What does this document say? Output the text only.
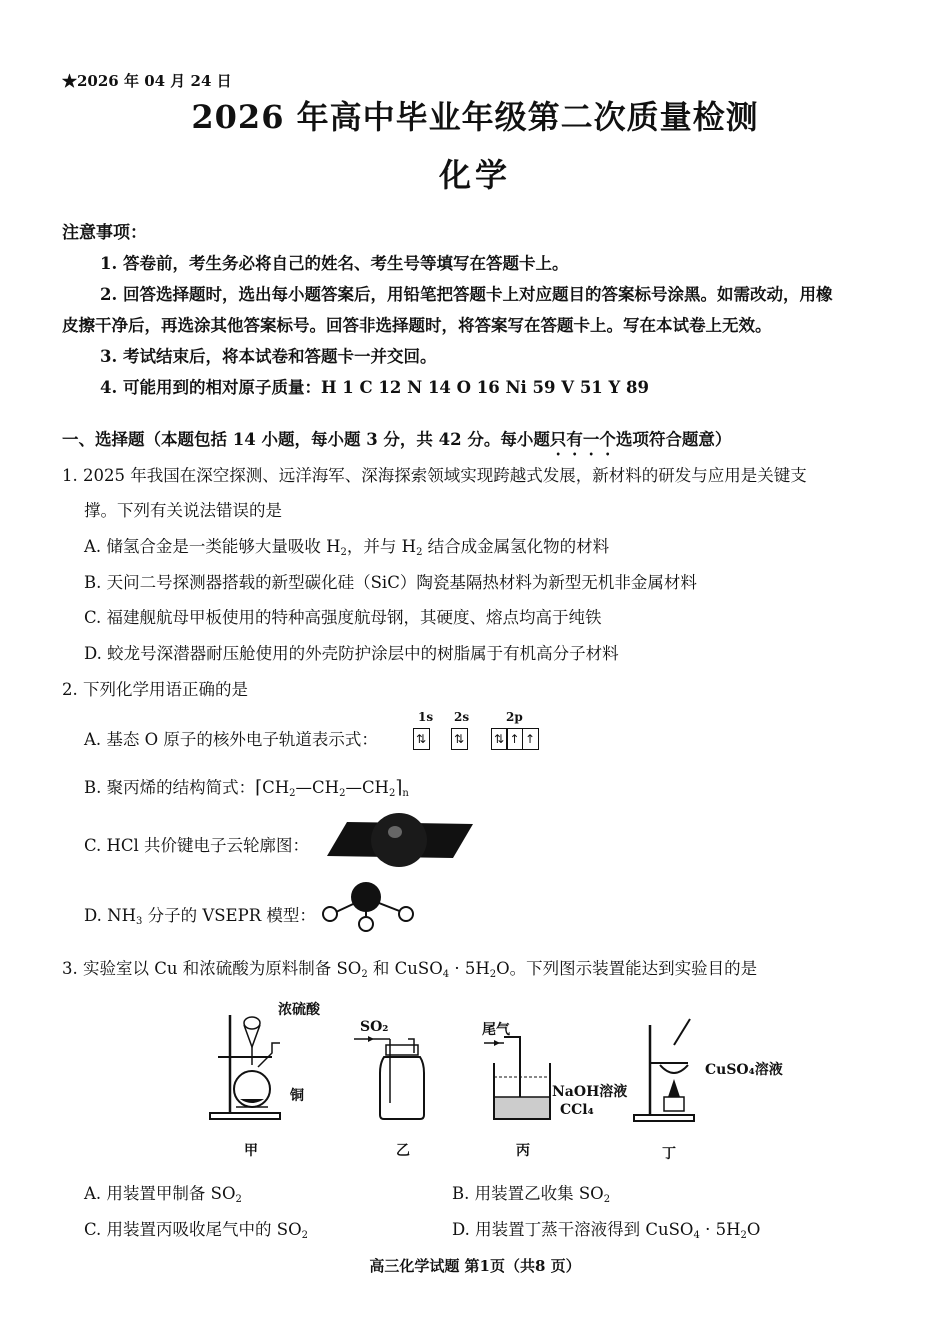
★2026 年 04 月 24 日
2026 年高中毕业年级第二次质量检测
化学
注意事项：
1. 答卷前，考生务必将自己的姓名、考生号等填写在答题卡上。
2. 回答选择题时，选出每小题答案后，用铅笔把答题卡上对应题目的答案标号涂黑。如需改动，用橡
皮擦干净后，再选涂其他答案标号。回答非选择题时，将答案写在答题卡上。写在本试卷上无效。
3. 考试结束后，将本试卷和答题卡一并交回。
4. 可能用到的相对原子质量：H 1 C 12 N 14 O 16 Ni 59 V 51 Y 89
一、选择题（本题包括 14 小题，每小题 3 分，共 42 分。每小题只有一个选项符合题意）
1. 2025 年我国在深空探测、远洋海军、深海探索领域实现跨越式发展，新材料的研发与应用是关键支
撑。下列有关说法错误的是
A. 储氢合金是一类能够大量吸收 $H_2$，并与 $H_2$ 结合成金属氢化物的材料
B. 天问二号探测器搭载的新型碳化硅（SiC）陶瓷基隔热材料为新型无机非金属材料
C. 福建舰航母甲板使用的特种高强度航母钢，其硬度、熔点均高于纯铁
D. 蛟龙号深潜器耐压舱使用的外壳防护涂层中的树脂属于有机高分子材料
2. 下列化学用语正确的是
A. 基态 O 原子的核外电子轨道表示式：
1s 2s	2p
⇅ ⇅ ⇅ ↑ ↑
B. 聚丙烯的结构简式：$⌈CH_2—CH_2—CH_2⌉_n$
C. HCl 共价键电子云轮廓图：
D. $NH_3$ 分子的 VSEPR 模型：
3. 实验室以 Cu 和浓硫酸为原料制备 $SO_2$ 和 CuSO$_4$ · $5H_2O$。下列图示装置能达到实验目的是
浓硫酸
铜
SO₂	尾气
NaOH溶液
CCl₄
CuSO₄溶液
甲	乙	丙	丁
A. 用装置甲制备 $SO_2$	B. 用装置乙收集 $SO_2$
C. 用装置丙吸收尾气中的 $SO_2$	D. 用装置丁蒸干溶液得到 CuSO$_4$ · $5H_2O$
高三化学试题 第1页（共8 页）
